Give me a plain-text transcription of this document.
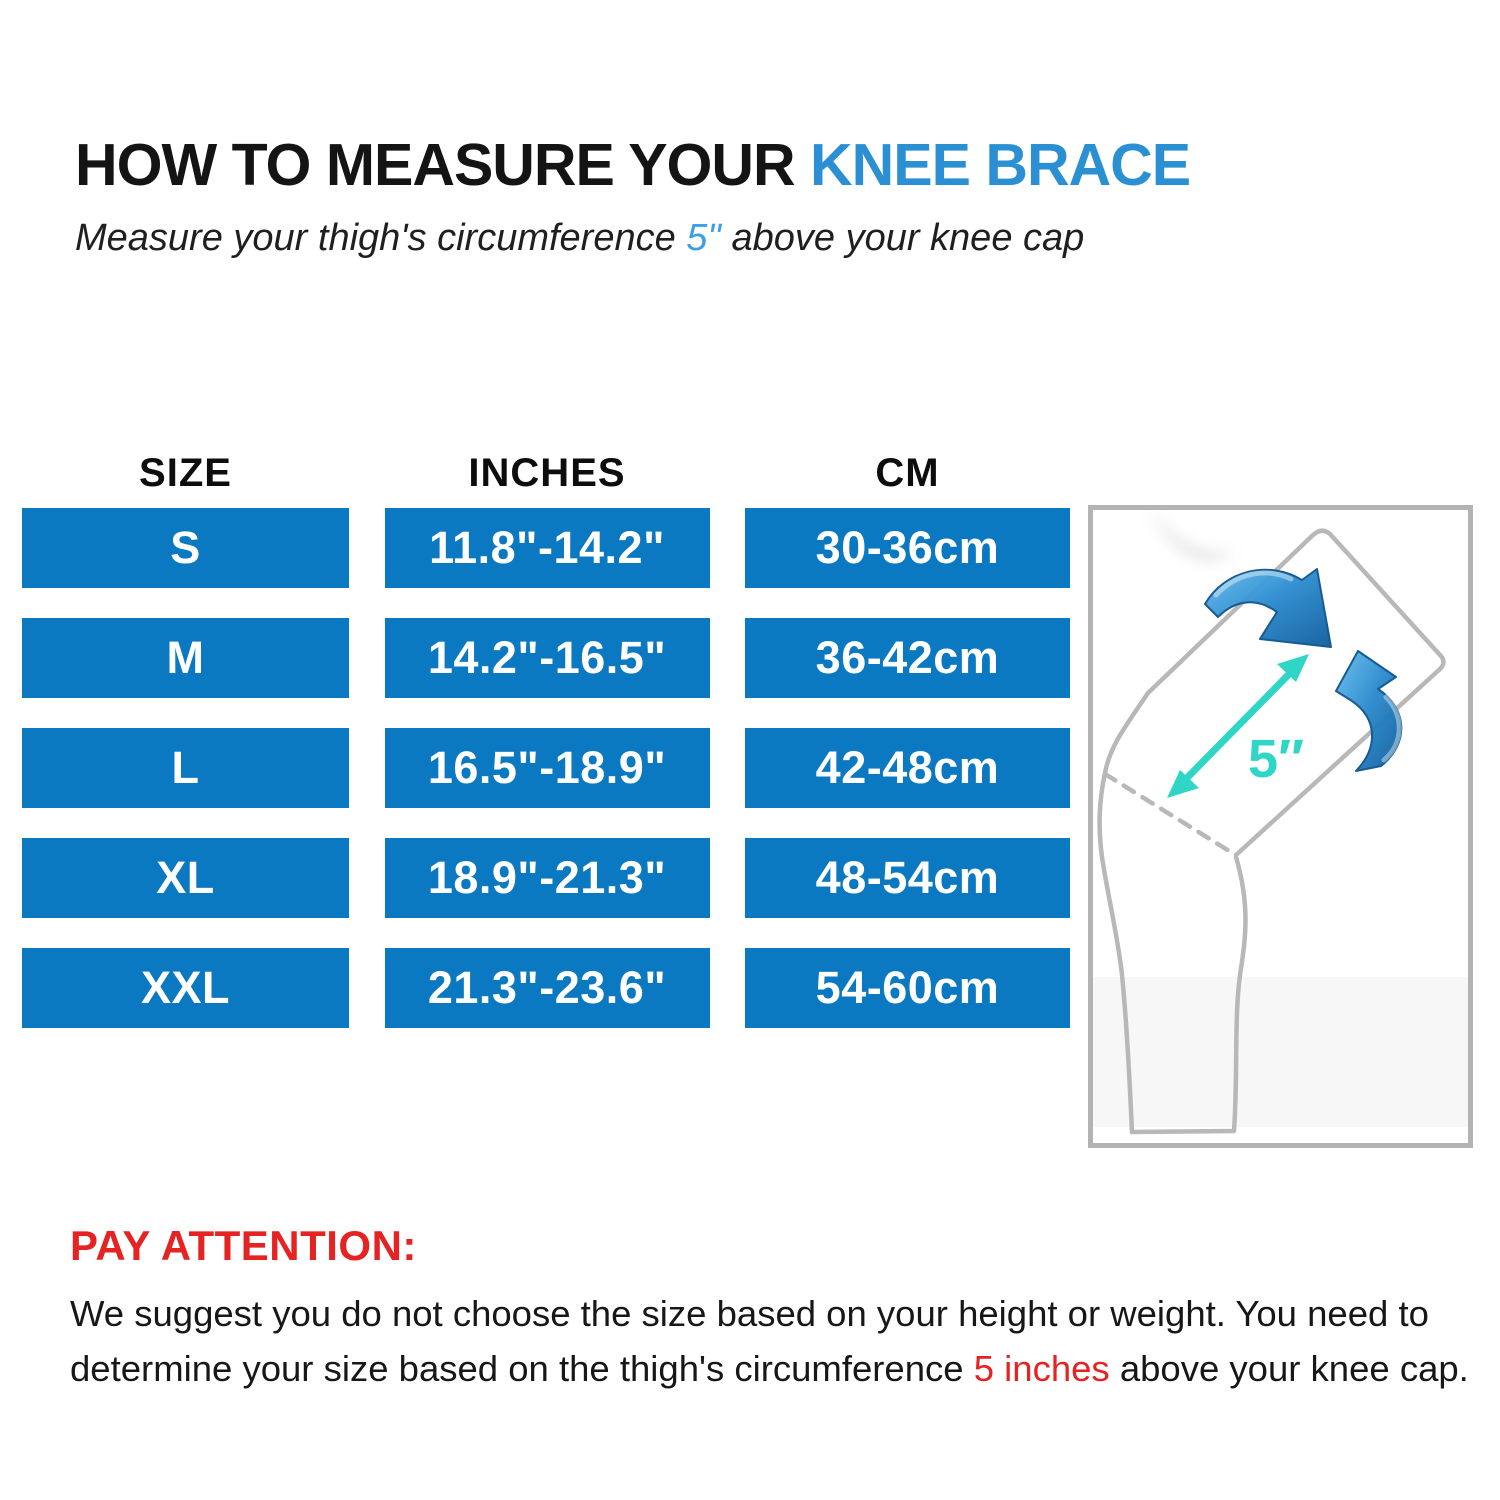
HOW TO MEASURE YOUR KNEE BRACE

Measure your thigh's circumference 5" above your knee cap

SIZE	INCHES	CM
S	11.8"-14.2"	30-36cm
M	14.2"-16.5"	36-42cm
L	16.5"-18.9"	42-48cm
XL	18.9"-21.3"	48-54cm
XXL	21.3"-23.6"	54-60cm
5″
PAY ATTENTION:

We suggest you do not choose the size based on your height or weight. You need to
determine your size based on the thigh's circumference 5 inches above your knee cap.
